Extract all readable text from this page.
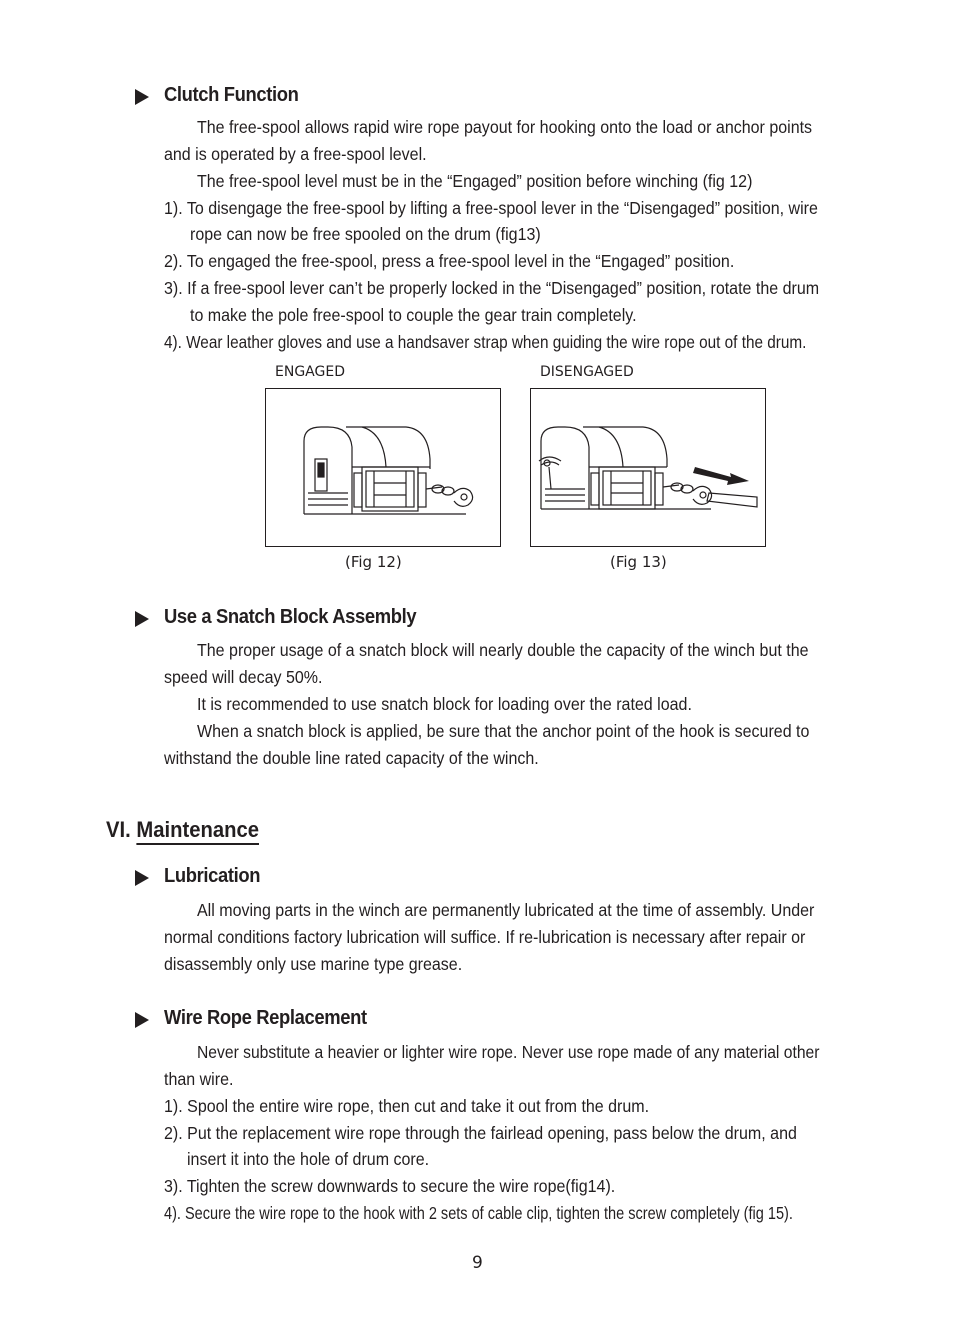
Clutch Function
The free-spool allows rapid wire rope payout for hooking onto the load or anchor points
and is operated by a free-spool level.
The free-spool level must be in the “Engaged” position before winching (fig 12)
1). To disengage the free-spool by lifting a free-spool lever in the “Disengaged” position, wire
rope can now be free spooled on the drum (fig13)
2). To engaged the free-spool, press a free-spool level in the “Engaged” position.
3). If a free-spool lever can’t be properly locked in the “Disengaged” position, rotate the drum
to make the pole free-spool to couple the gear train completely.
4). Wear leather gloves and use a handsaver strap when guiding the wire rope out of the drum.
ENGAGED	DISENGAGED
(Fig 12)	(Fig 13)
Use a Snatch Block Assembly
The proper usage of a snatch block will nearly double the capacity of the winch but the
speed will decay 50%.
It is recommended to use snatch block for loading over the rated load.
When a snatch block is applied, be sure that the anchor point of the hook is secured to
withstand the double line rated capacity of the winch.
VI. Maintenance
Lubrication
All moving parts in the winch are permanently lubricated at the time of assembly. Under
normal conditions factory lubrication will suffice. If re-lubrication is necessary after repair or
disassembly only use marine type grease.
Wire Rope Replacement
Never substitute a heavier or lighter wire rope. Never use rope made of any material other
than wire.
1). Spool the entire wire rope, then cut and take it out from the drum.
2). Put the replacement wire rope through the fairlead opening, pass below the drum, and
insert it into the hole of drum core.
3). Tighten the screw downwards to secure the wire rope(fig14).
4). Secure the wire rope to the hook with 2 sets of cable clip, tighten the screw completely (fig 15).
9
